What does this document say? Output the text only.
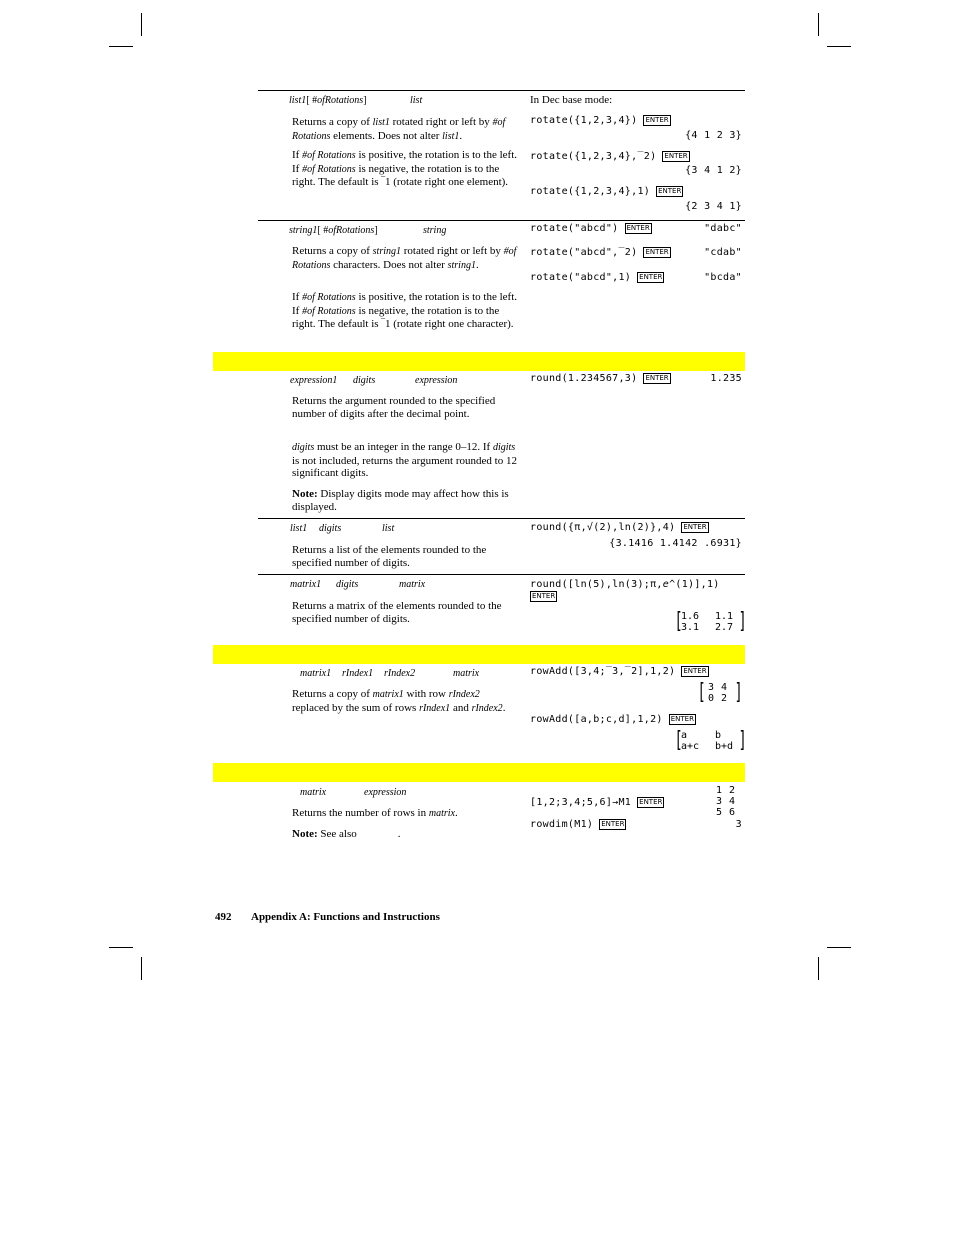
list1[ #ofRotations]	list
Returns a copy of list1 rotated right or left by #of Rotations elements. Does not alter list1.
If #of Rotations is positive, the rotation is to the left. If #of Rotations is negative, the rotation is to the right. The default is ‾1 (rotate right one element).
In Dec base mode:
rotate({1,2,3,4}) ENTER
{4 1 2 3}
rotate({1,2,3,4},‾2) ENTER
{3 4 1 2}
rotate({1,2,3,4},1) ENTER
{2 3 4 1}
string1[ #ofRotations]	string
Returns a copy of string1 rotated right or left by #of Rotations characters. Does not alter string1.
If #of Rotations is positive, the rotation is to the left. If #of Rotations is negative, the rotation is to the right. The default is ‾1 (rotate right one character).
rotate("abcd") ENTER	"dabc"
rotate("abcd",‾2) ENTER	"cdab"
rotate("abcd",1) ENTER	"bcda"
expression1 digits	expression
Returns the argument rounded to the specified number of digits after the decimal point.
digits must be an integer in the range 0–12. If digits is not included, returns the argument rounded to 12 significant digits.
Note: Display digits mode may affect how this is displayed.
round(1.234567,3) ENTER	1.235
list1 digits	list
Returns a list of the elements rounded to the specified number of digits.
round({π,√(2),ln(2)},4) ENTER
{3.1416 1.4142 .6931}
matrix1 digits	matrix
Returns a matrix of the elements rounded to the specified number of digits.
round([ln(5),ln(3);π,e^(1)],1)
ENTER
[
1.6 1.1
3.1 2.7 ]
matrix1 rIndex1 rIndex2	matrix
Returns a copy of matrix1 with row rIndex2 replaced by the sum of rows rIndex1 and rIndex2.
rowAdd([3,4;‾3,‾2],1,2) ENTER
[ 3 4
0 2 ]
rowAdd([a,b;c,d],1,2) ENTER
[
a	b
a+c b+d ]
matrix	expression
Returns the number of rows in matrix.
Note: See also	.
1 2
3 4
5 6
[1,2;3,4;5,6]→M1 ENTER
rowdim(M1) ENTER	3
492 Appendix A: Functions and Instructions
